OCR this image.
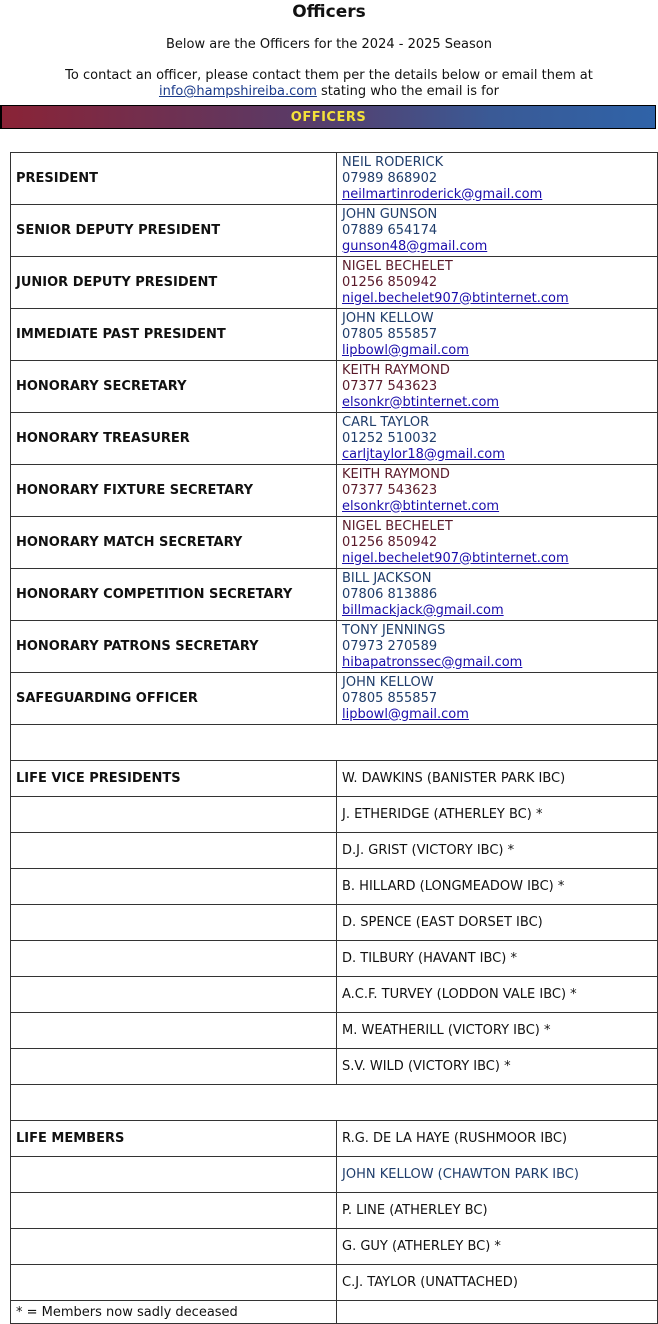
Officers
Below are the Officers for the 2024 - 2025 Season
To contact an officer, please contact them per the details below or email them at
info@hampshireiba.com stating who the email is for
OFFICERS
PRESIDENT	NEIL RODERICK
07989 868902
neilmartinroderick@gmail.com

SENIOR DEPUTY PRESIDENT	JOHN GUNSON
07889 654174
gunson48@gmail.com

JUNIOR DEPUTY PRESIDENT	NIGEL BECHELET
01256 850942
nigel.bechelet907@btinternet.com

IMMEDIATE PAST PRESIDENT	JOHN KELLOW
07805 855857
lipbowl@gmail.com

HONORARY SECRETARY	KEITH RAYMOND
07377 543623
elsonkr@btinternet.com

HONORARY TREASURER	CARL TAYLOR
01252 510032
carljtaylor18@gmail.com

HONORARY FIXTURE SECRETARY	KEITH RAYMOND
07377 543623
elsonkr@btinternet.com

HONORARY MATCH SECRETARY	NIGEL BECHELET
01256 850942
nigel.bechelet907@btinternet.com

HONORARY COMPETITION SECRETARY	BILL JACKSON
07806 813886
billmackjack@gmail.com

HONORARY PATRONS SECRETARY	TONY JENNINGS
07973 270589
hibapatronssec@gmail.com

SAFEGUARDING OFFICER	JOHN KELLOW
07805 855857
lipbowl@gmail.com

LIFE VICE PRESIDENTS	W. DAWKINS (BANISTER PARK IBC)
	J. ETHERIDGE (ATHERLEY BC) *
	D.J. GRIST (VICTORY IBC) *
	B. HILLARD (LONGMEADOW IBC) *
	D. SPENCE (EAST DORSET IBC)
	D. TILBURY (HAVANT IBC) *
	A.C.F. TURVEY (LODDON VALE IBC) *
	M. WEATHERILL (VICTORY IBC) *
	S.V. WILD (VICTORY IBC) *

LIFE MEMBERS	R.G. DE LA HAYE (RUSHMOOR IBC)
	JOHN KELLOW (CHAWTON PARK IBC)
	P. LINE (ATHERLEY BC)
	G. GUY (ATHERLEY BC) *
	C.J. TAYLOR (UNATTACHED)
* = Members now sadly deceased	
